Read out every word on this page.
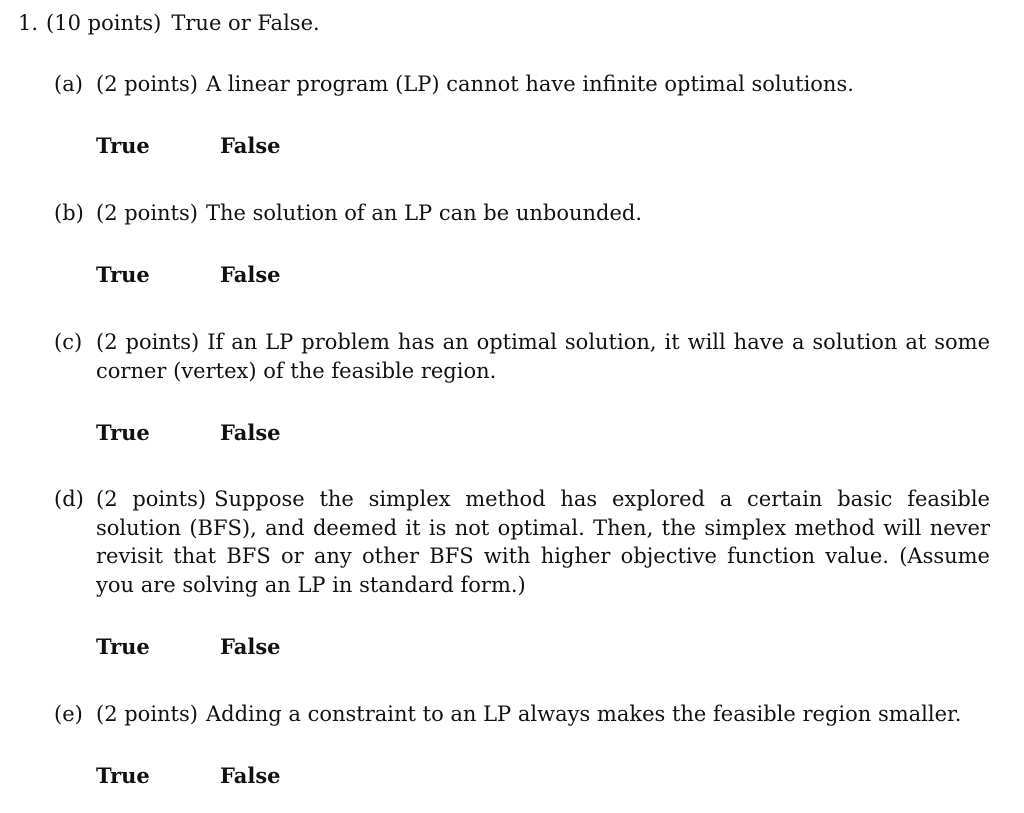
1. (10 points) True or False.
(a) (2 points) A linear program (LP) cannot have infinite optimal solutions.
True	False
(b) (2 points) The solution of an LP can be unbounded.
True	False
(c) (2 points) If an LP problem has an optimal solution, it will have a solution at some corner (vertex) of the feasible region.
True	False
(d) (2 points) Suppose the simplex method has explored a certain basic feasible solution (BFS), and deemed it is not optimal. Then, the simplex method will never revisit that BFS or any other BFS with higher objective function value. (Assume you are solving an LP in standard form.)
True	False
(e) (2 points) Adding a constraint to an LP always makes the feasible region smaller.
True	False
